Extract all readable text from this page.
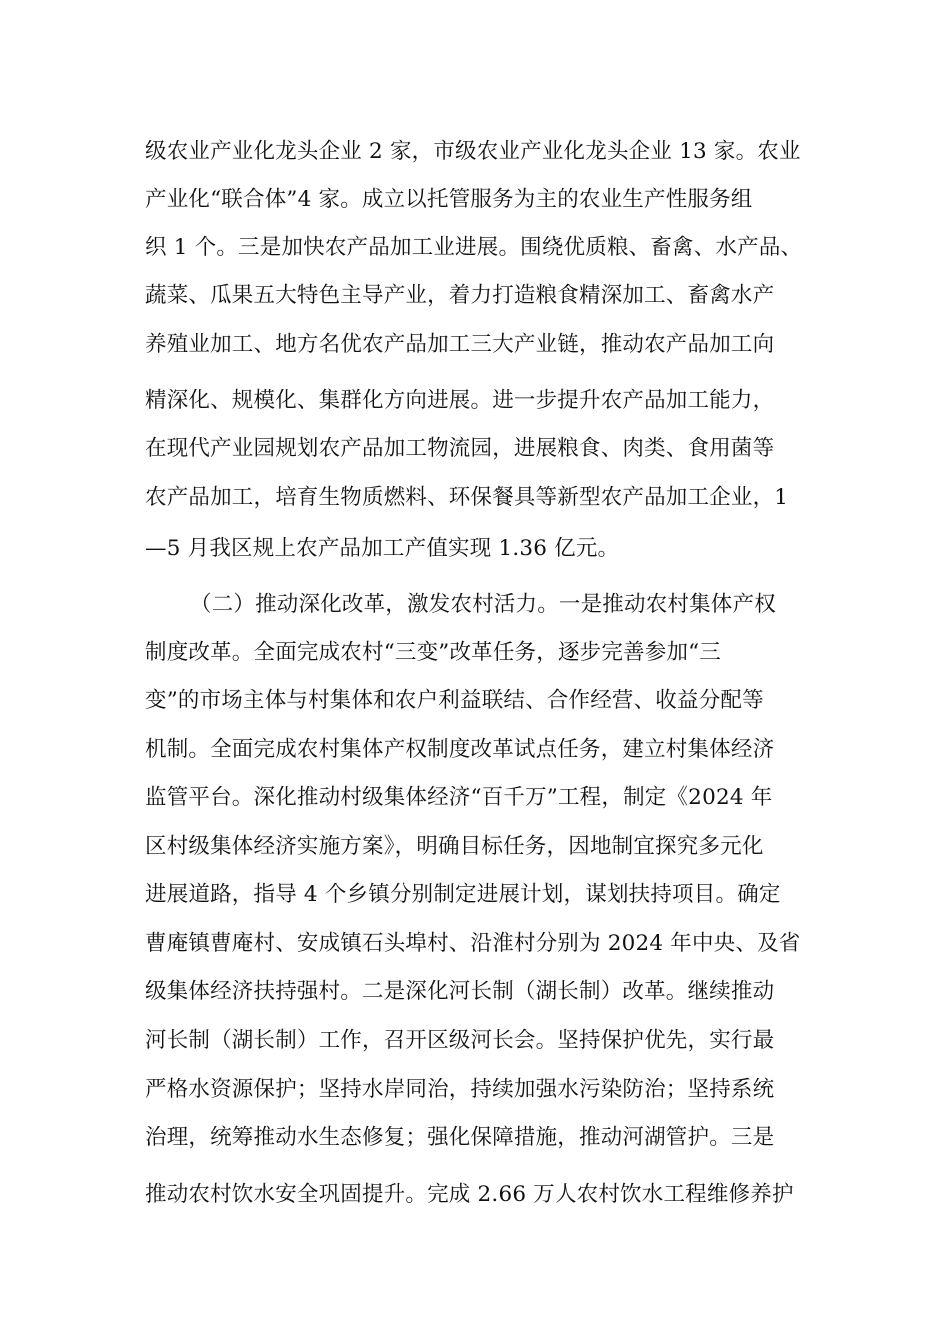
级农业产业化龙头企业 2 家，市级农业产业化龙头企业 13 家。农业
产业化“联合体”4 家。成立以托管服务为主的农业生产性服务组
织 1 个。三是加快农产品加工业进展。围绕优质粮、畜禽、水产品、
蔬菜、瓜果五大特色主导产业，着力打造粮食精深加工、畜禽水产
养殖业加工、地方名优农产品加工三大产业链，推动农产品加工向
精深化、规模化、集群化方向进展。进一步提升农产品加工能力，
在现代产业园规划农产品加工物流园，进展粮食、肉类、食用菌等
农产品加工，培育生物质燃料、环保餐具等新型农产品加工企业，1
—5 月我区规上农产品加工产值实现 1.36 亿元。
（二）推动深化改革，激发农村活力。一是推动农村集体产权
制度改革。全面完成农村“三变”改革任务，逐步完善参加“三
变”的市场主体与村集体和农户利益联结、合作经营、收益分配等
机制。全面完成农村集体产权制度改革试点任务，建立村集体经济
监管平台。深化推动村级集体经济“百千万”工程，制定《2024 年
区村级集体经济实施方案》，明确目标任务，因地制宜探究多元化
进展道路，指导 4 个乡镇分别制定进展计划，谋划扶持项目。确定
曹庵镇曹庵村、安成镇石头埠村、沿淮村分别为 2024 年中央、及省
级集体经济扶持强村。二是深化河长制（湖长制）改革。继续推动
河长制（湖长制）工作，召开区级河长会。坚持保护优先，实行最
严格水资源保护；坚持水岸同治，持续加强水污染防治；坚持系统
治理，统筹推动水生态修复；强化保障措施，推动河湖管护。三是
推动农村饮水安全巩固提升。完成 2.66 万人农村饮水工程维修养护
